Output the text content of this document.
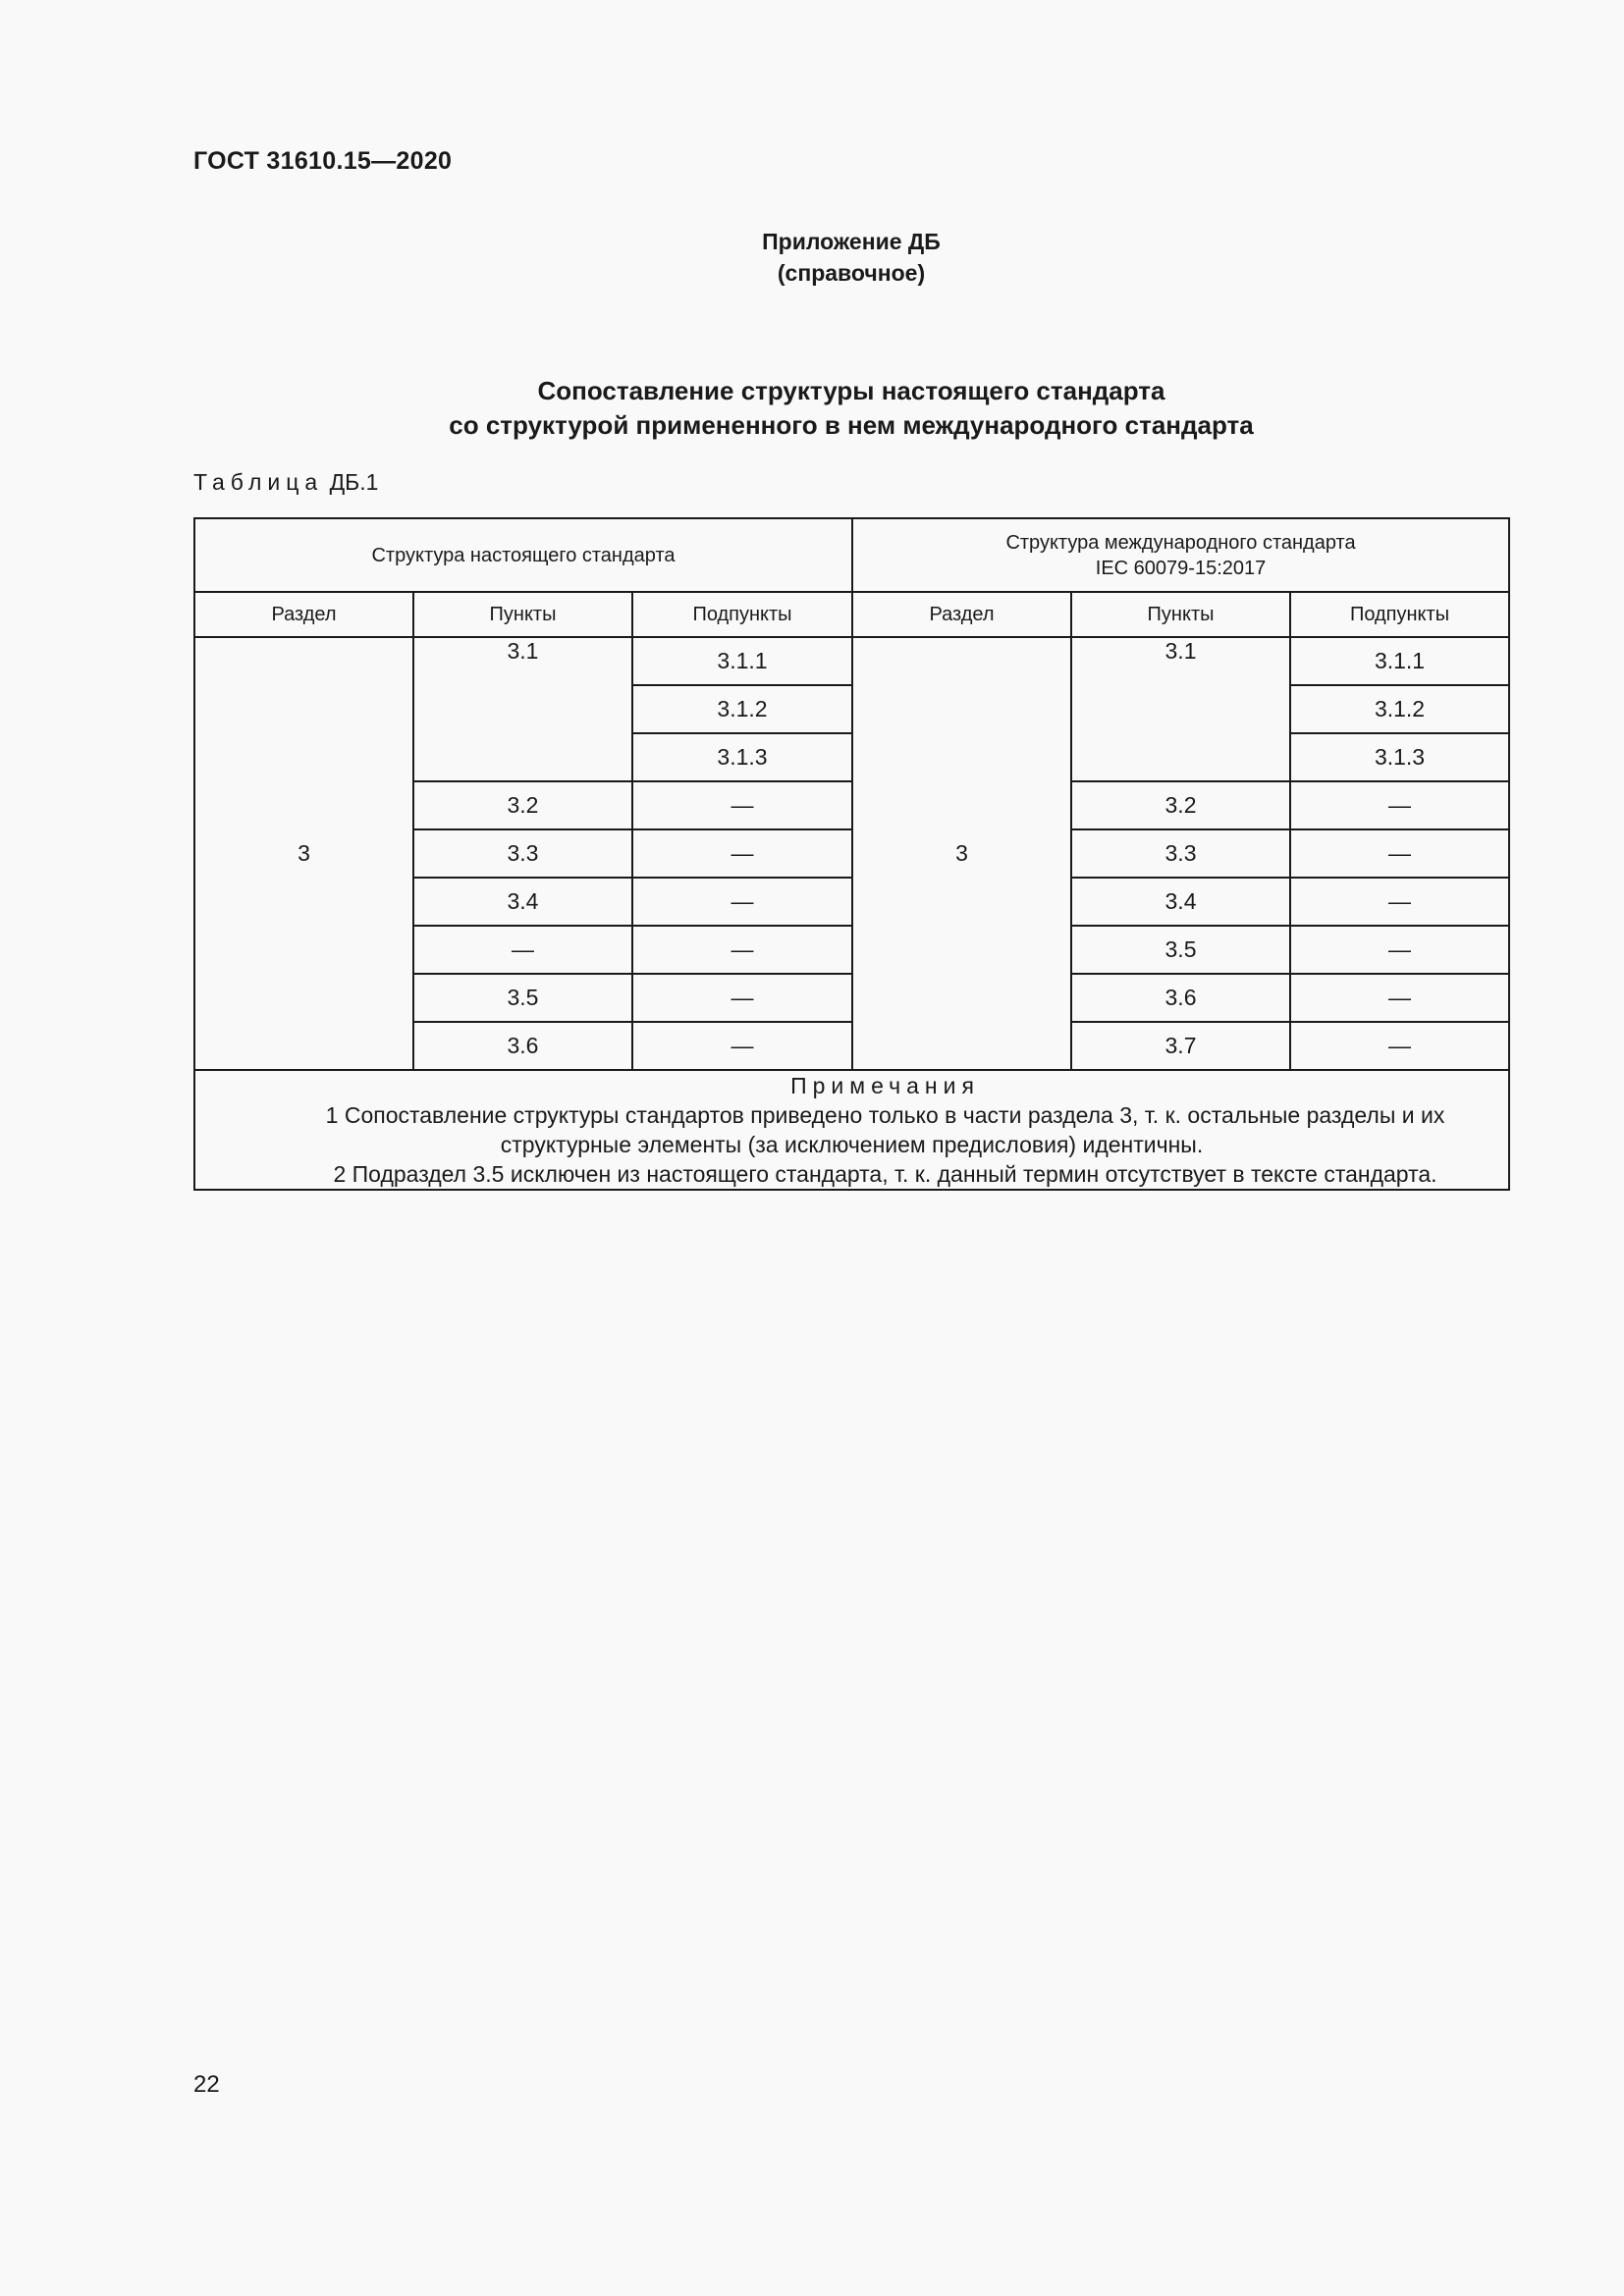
ГОСТ 31610.15—2020
Приложение ДБ
(справочное)
Сопоставление структуры настоящего стандарта
со структурой примененного в нем международного стандарта
Таблица ДБ.1
Структура настоящего стандарта			Структура международного стандарта
IEC 60079-15:2017		

Раздел	Пункты	Подпункты	Раздел	Пункты	Подпункты
3	3.1	3.1.1	3	3.1	3.1.1
		3.1.2			3.1.2
		3.1.3			3.1.3
	3.2	—		3.2	—
	3.3	—		3.3	—
	3.4	—		3.4	—
	—	—		3.5	—
	3.5	—		3.6	—
	3.6	—		3.7	—

Примечания
1 Сопоставление структуры стандартов приведено только в части раздела 3, т. к. остальные разделы и их структурные элементы (за исключением предисловия) идентичны.
2 Подраздел 3.5 исключен из настоящего стандарта, т. к. данный термин отсутствует в тексте стандарта.					
22
